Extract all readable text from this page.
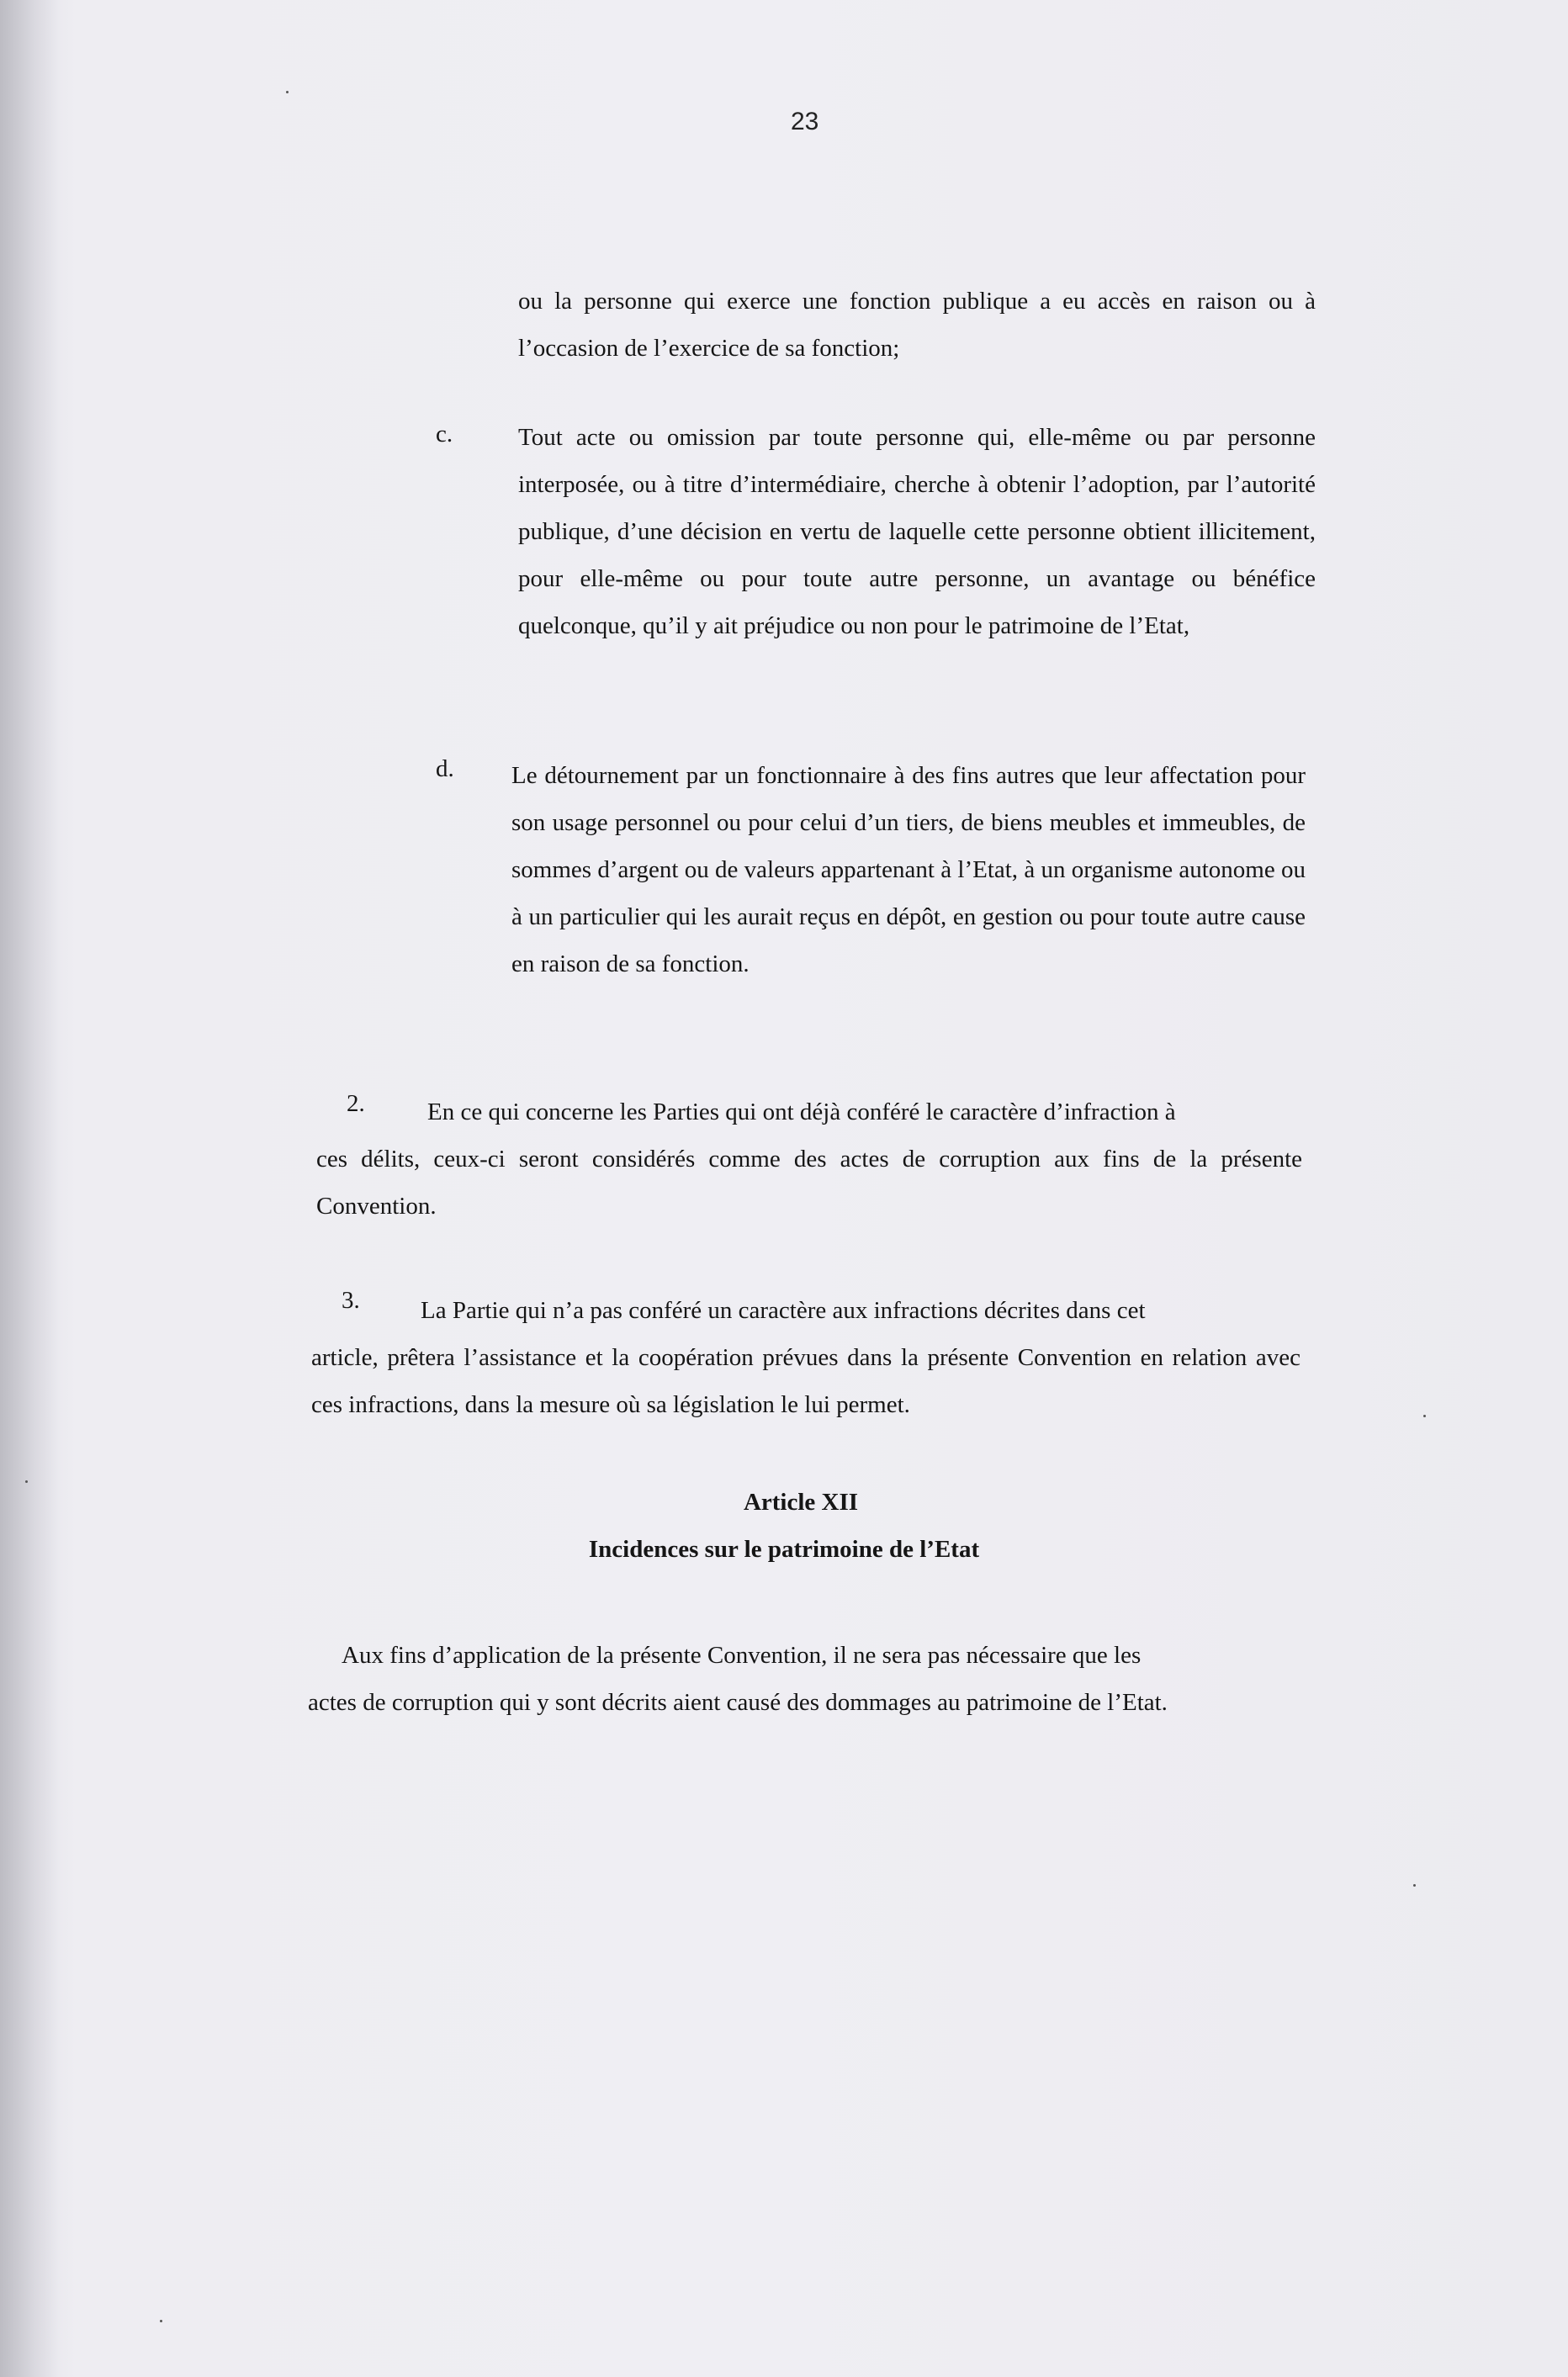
23
ou la personne qui exerce une fonction publique a eu accès en raison ou à l’occasion de l’exercice de sa fonction;
c.	Tout acte ou omission par toute personne qui, elle-même ou par personne interposée, ou à titre d’intermédiaire, cherche à obtenir l’adoption, par l’autorité publique, d’une décision en vertu de laquelle cette personne obtient illicitement, pour elle-même ou pour toute autre personne, un avantage ou bénéfice quelconque, qu’il y ait préjudice ou non pour le patrimoine de l’Etat,
d. Le détournement par un fonctionnaire à des fins autres que leur affectation pour son usage personnel ou pour celui d’un tiers, de biens meubles et immeubles, de sommes d’argent ou de valeurs appartenant à l’Etat, à un organisme autonome ou à un particulier qui les aurait reçus en dépôt, en gestion ou pour toute autre cause en raison de sa fonction.
2.	En ce qui concerne les Parties qui ont déjà conféré le caractère d’infraction à
ces délits, ceux-ci seront considérés comme des actes de corruption aux fins de la présente Convention.
3. La Partie qui n’a pas conféré un caractère aux infractions décrites dans cet
article, prêtera l’assistance et la coopération prévues dans la présente Convention en relation avec ces infractions, dans la mesure où sa législation le lui permet.
Article XII
Incidences sur le patrimoine de l’Etat
Aux fins d’application de la présente Convention, il ne sera pas nécessaire que les
actes de corruption qui y sont décrits aient causé des dommages au patrimoine de l’Etat.
